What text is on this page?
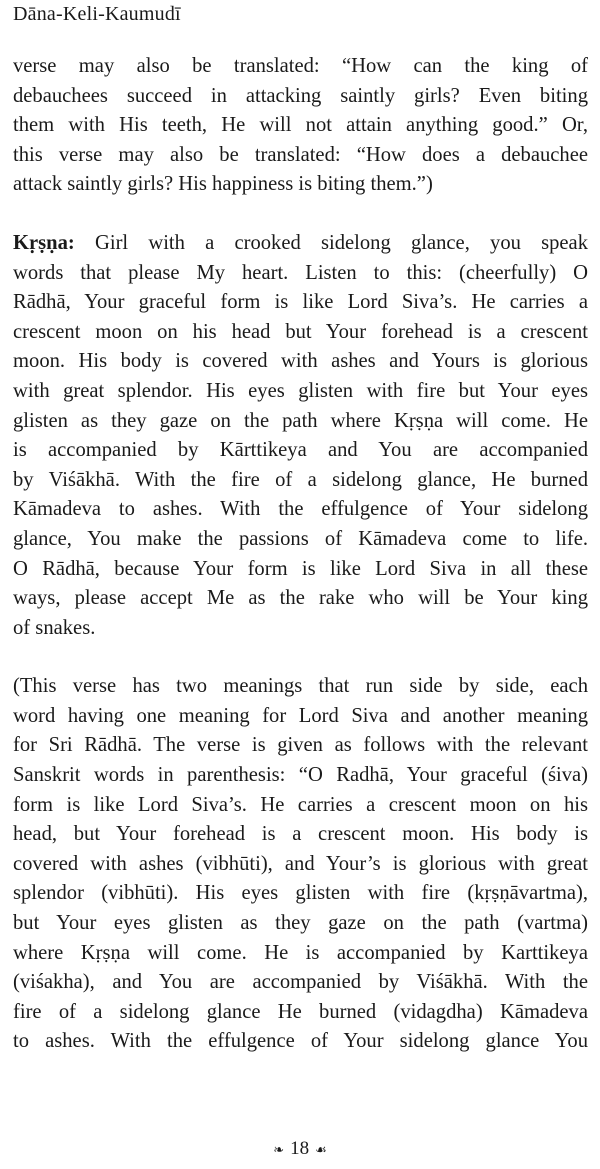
Dāna-Keli-Kaumudī
verse may also be translated: “How can the king of
debauchees succeed in attacking saintly girls? Even biting
them with His teeth, He will not attain anything good.” Or,
this verse may also be translated: “How does a debauchee
attack saintly girls? His happiness is biting them.”)
Kṛṣṇa: Girl with a crooked sidelong glance, you speak
words that please My heart. Listen to this: (cheerfully) O
Rādhā, Your graceful form is like Lord Siva’s. He carries a
crescent moon on his head but Your forehead is a crescent
moon. His body is covered with ashes and Yours is glorious
with great splendor. His eyes glisten with fire but Your eyes
glisten as they gaze on the path where Kṛṣṇa will come. He
is accompanied by Kārttikeya and You are accompanied
by Viśākhā. With the fire of a sidelong glance, He burned
Kāmadeva to ashes. With the effulgence of Your sidelong
glance, You make the passions of Kāmadeva come to life.
O Rādhā, because Your form is like Lord Siva in all these
ways, please accept Me as the rake who will be Your king
of snakes.
(This verse has two meanings that run side by side, each
word having one meaning for Lord Siva and another meaning
for Sri Rādhā. The verse is given as follows with the relevant
Sanskrit words in parenthesis: “O Radhā, Your graceful (śiva)
form is like Lord Siva’s. He carries a crescent moon on his
head, but Your forehead is a crescent moon. His body is
covered with ashes (vibhūti), and Your’s is glorious with great
splendor (vibhūti). His eyes glisten with fire (kṛṣṇāvartma),
but Your eyes glisten as they gaze on the path (vartma)
where Kṛṣṇa will come. He is accompanied by Karttikeya
(viśakha), and You are accompanied by Viśākhā. With the
fire of a sidelong glance He burned (vidagdha) Kāmadeva
to ashes. With the effulgence of Your sidelong glance You
❧ 18 ☙
